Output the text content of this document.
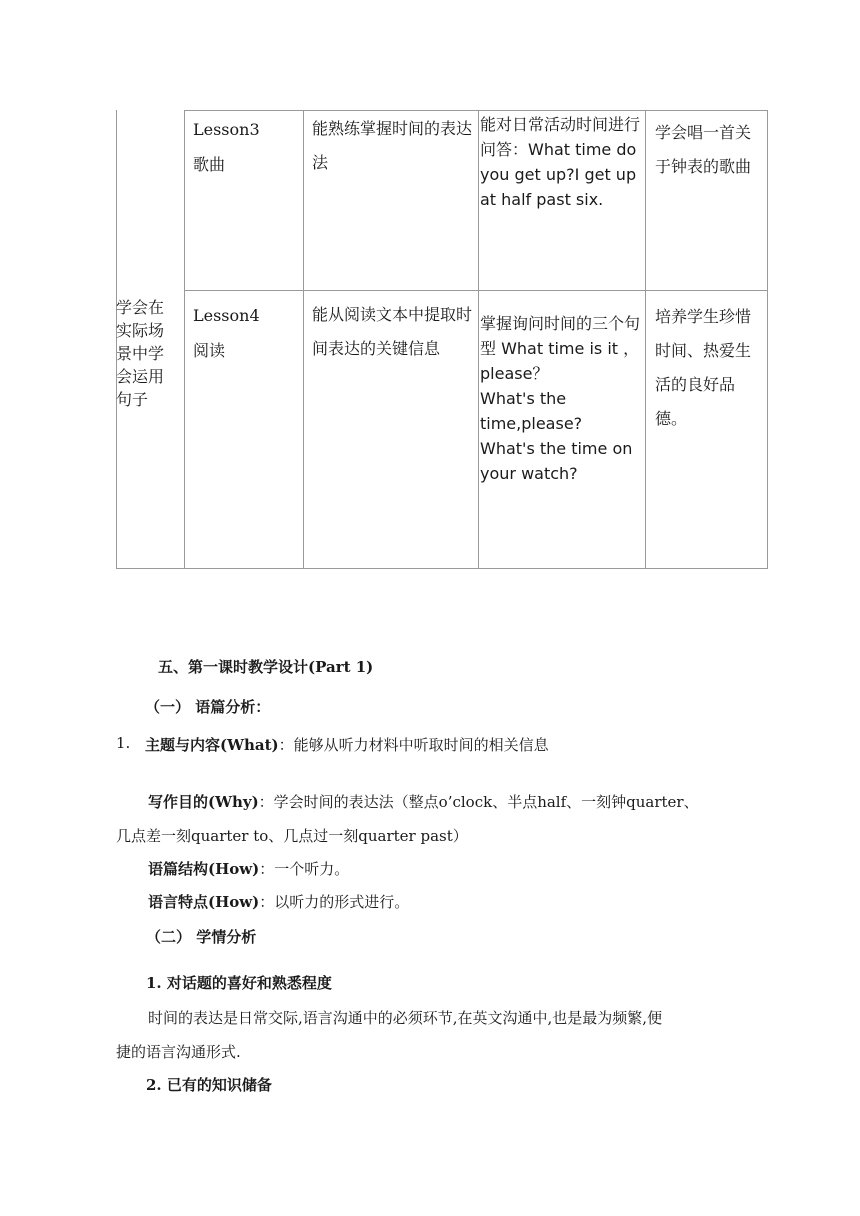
学会在实际场景中学会运用句子
Lesson3
歌曲
能熟练掌握时间的表达法
能对日常活动时间进行问答：What time do you get up?I get up at half past six.
学会唱一首关于钟表的歌曲
Lesson4
阅读
能从阅读文本中提取时间表达的关键信息
掌握询问时间的三个句型 What time is it ，please？
What's the time,please?
What's the time on your watch?
培养学生珍惜时间、热爱生活的良好品德。
五、第一课时教学设计(Part 1)
（一） 语篇分析：
1. 主题与内容(What)：能够从听力材料中听取时间的相关信息
写作目的(Why)：学会时间的表达法（整点o’clock、半点half、一刻钟quarter、
几点差一刻quarter to、几点过一刻quarter past）
语篇结构(How)：一个听力。
语言特点(How)：以听力的形式进行。
（二） 学情分析
1. 对话题的喜好和熟悉程度
时间的表达是日常交际,语言沟通中的必须环节,在英文沟通中,也是最为频繁,便
捷的语言沟通形式.
2. 已有的知识储备
